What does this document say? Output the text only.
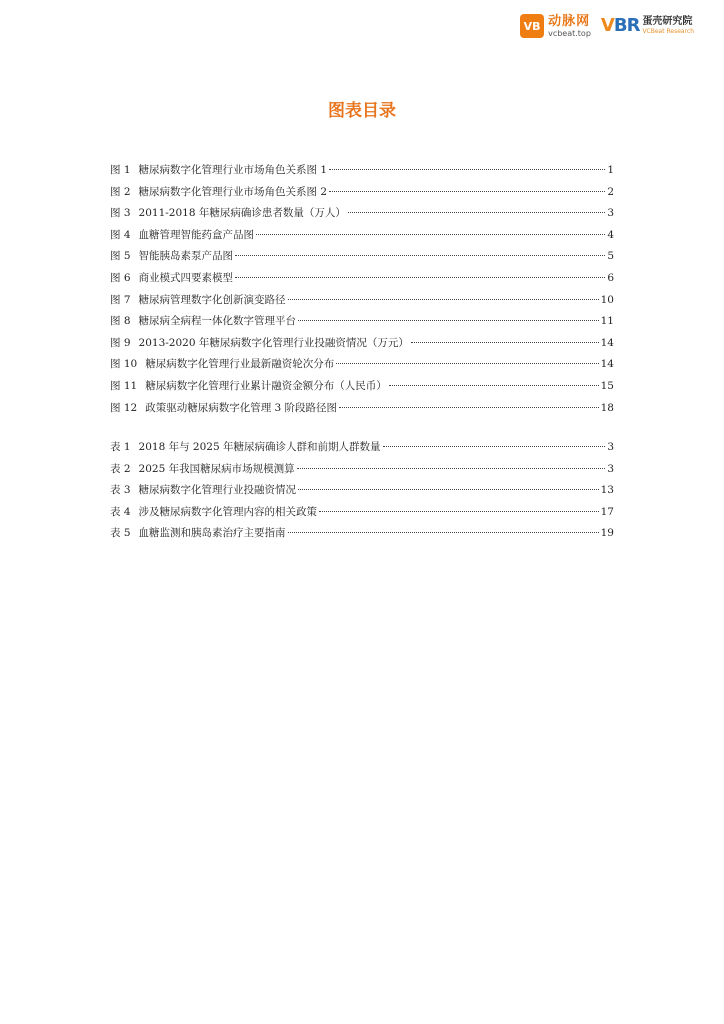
VB 动脉网
vcbeat.top VBR 蛋壳研究院
VCBeat Research
图表目录
图 1 糖尿病数字化管理行业市场角色关系图 1	1
图 2 糖尿病数字化管理行业市场角色关系图 2	2
图 3 2011-2018 年糖尿病确诊患者数量（万人）	3
图 4 血糖管理智能药盒产品图	4
图 5 智能胰岛素泵产品图	5
图 6 商业模式四要素模型	6
图 7 糖尿病管理数字化创新演变路径	10
图 8 糖尿病全病程一体化数字管理平台	11
图 9 2013-2020 年糖尿病数字化管理行业投融资情况（万元）	14
图 10 糖尿病数字化管理行业最新融资轮次分布	14
图 11 糖尿病数字化管理行业累计融资金额分布（人民币）	15
图 12 政策驱动糖尿病数字化管理 3 阶段路径图	18
表 1 2018 年与 2025 年糖尿病确诊人群和前期人群数量	3
表 2 2025 年我国糖尿病市场规模测算	3
表 3 糖尿病数字化管理行业投融资情况	13
表 4 涉及糖尿病数字化管理内容的相关政策	17
表 5 血糖监测和胰岛素治疗主要指南	19
